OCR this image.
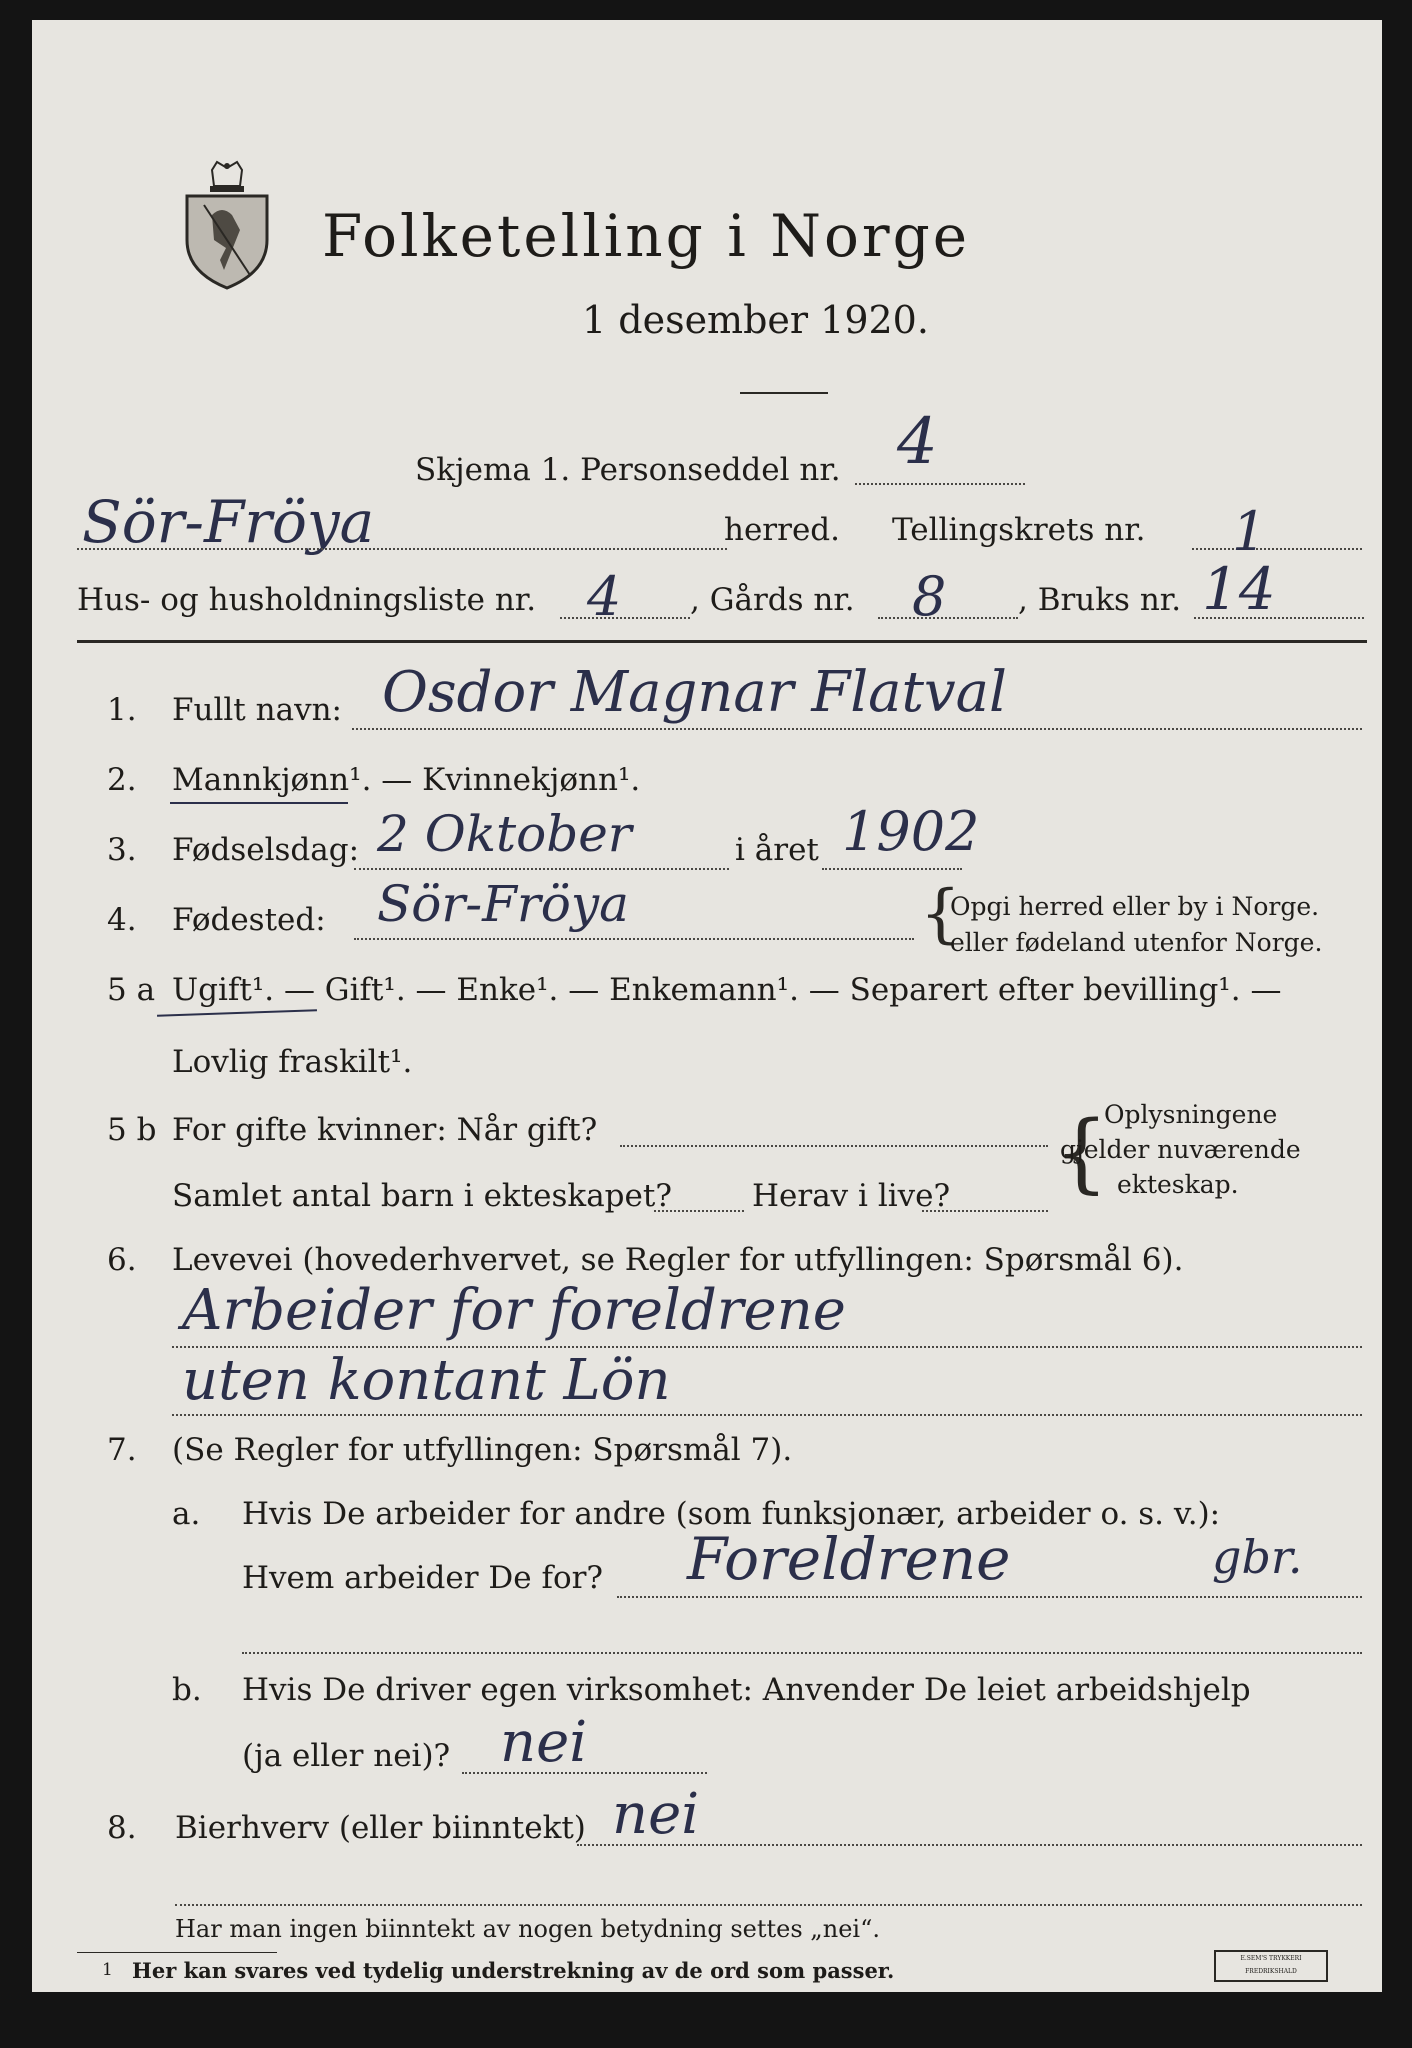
Folketelling i Norge
1 desember 1920.
Skjema 1. Personseddel nr. 4
Sör-Fröya	herred. Tellingskrets nr. 1
Hus- og husholdningsliste nr. 4 , Gårds nr. 8 , Bruks nr. 14
1. Fullt navn: Osdor Magnar Flatval
2. Mannkjønn¹. — Kvinnekjønn¹.
3. Fødselsdag: 2 Oktober	i året 1902
4. Fødested: Sör-Fröya	{
Opgi herred eller by i Norge.
eller fødeland utenfor Norge.
5 a Ugift¹. — Gift¹. — Enke¹. — Enkemann¹. — Separert efter bevilling¹. —
Lovlig fraskilt¹.
5 b For gifte kvinner: Når gift?
Samlet antal barn i ekteskapet?	Herav i live? {
Oplysningene
gjelder nuværende
ekteskap.
6. Levevei (hovederhvervet, se Regler for utfyllingen: Spørsmål 6).
Arbeider for foreldrene
uten kontant Lön
7. (Se Regler for utfyllingen: Spørsmål 7).
a. Hvis De arbeider for andre (som funksjonær, arbeider o. s. v.):
Hvem arbeider De for? Foreldrene	gbr.
b. Hvis De driver egen virksomhet: Anvender De leiet arbeidshjelp
(ja eller nei)? nei
8. Bierhverv (eller biinntekt) nei
Har man ingen biinntekt av nogen betydning settes „nei“.
1 Her kan svares ved tydelig understrekning av de ord som passer.	E.SEM'S TRYKKERI FREDRIKSHALD
